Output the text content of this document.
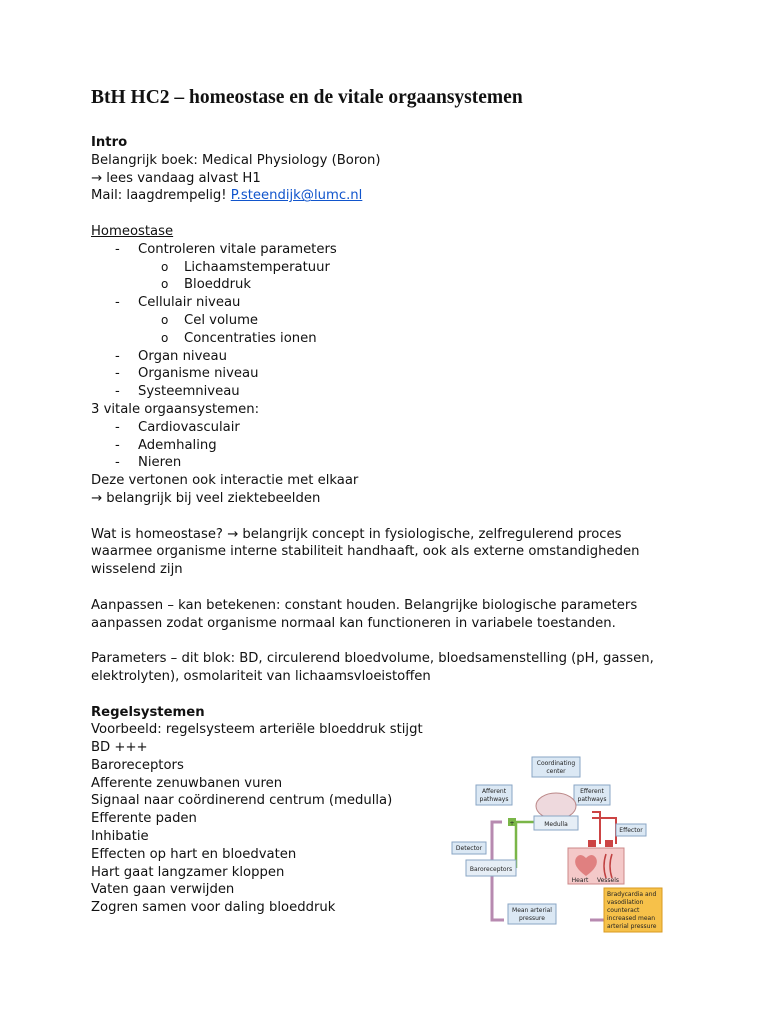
BtH HC2 – homeostase en de vitale orgaansystemen
Intro
Belangrijk boek: Medical Physiology (Boron)
→ lees vandaag alvast H1
Mail: laagdrempelig! P.steendijk@lumc.nl
Homeostase
- Controleren vitale parameters
o Lichaamstemperatuur
o Bloeddruk
- Cellulair niveau
o Cel volume
o Concentraties ionen
- Organ niveau
- Organisme niveau
- Systeemniveau
3 vitale orgaansystemen:
- Cardiovasculair
- Ademhaling
- Nieren
Deze vertonen ook interactie met elkaar
→ belangrijk bij veel ziektebeelden
Wat is homeostase? → belangrijk concept in fysiologische, zelfregulerend proces waarmee organisme interne stabiliteit handhaaft, ook als externe omstandigheden wisselend zijn
Aanpassen – kan betekenen: constant houden. Belangrijke biologische parameters aanpassen zodat organisme normaal kan functioneren in variabele toestanden.
Parameters – dit blok: BD, circulerend bloedvolume, bloedsamenstelling (pH, gassen, elektrolyten), osmolariteit van lichaamsvloeistoffen
Regelsystemen
Voorbeeld: regelsysteem arteriële bloeddruk stijgt
BD +++
Baroreceptors
Afferente zenuwbanen vuren
Signaal naar coördinerend centrum (medulla)
Efferente paden
Inhibatie
Effecten op hart en bloedvaten
Hart gaat langzamer kloppen
Vaten gaan verwijden
Zogren samen voor daling bloeddruk
Coordinating
center
Afferent
pathways
Efferent
pathways
Medulla
+
Detector
Effector
Baroreceptors
Heart Vessels
Mean arterial
pressure
Bradycardia and
vasodilation
counteract
increased mean
arterial pressure
